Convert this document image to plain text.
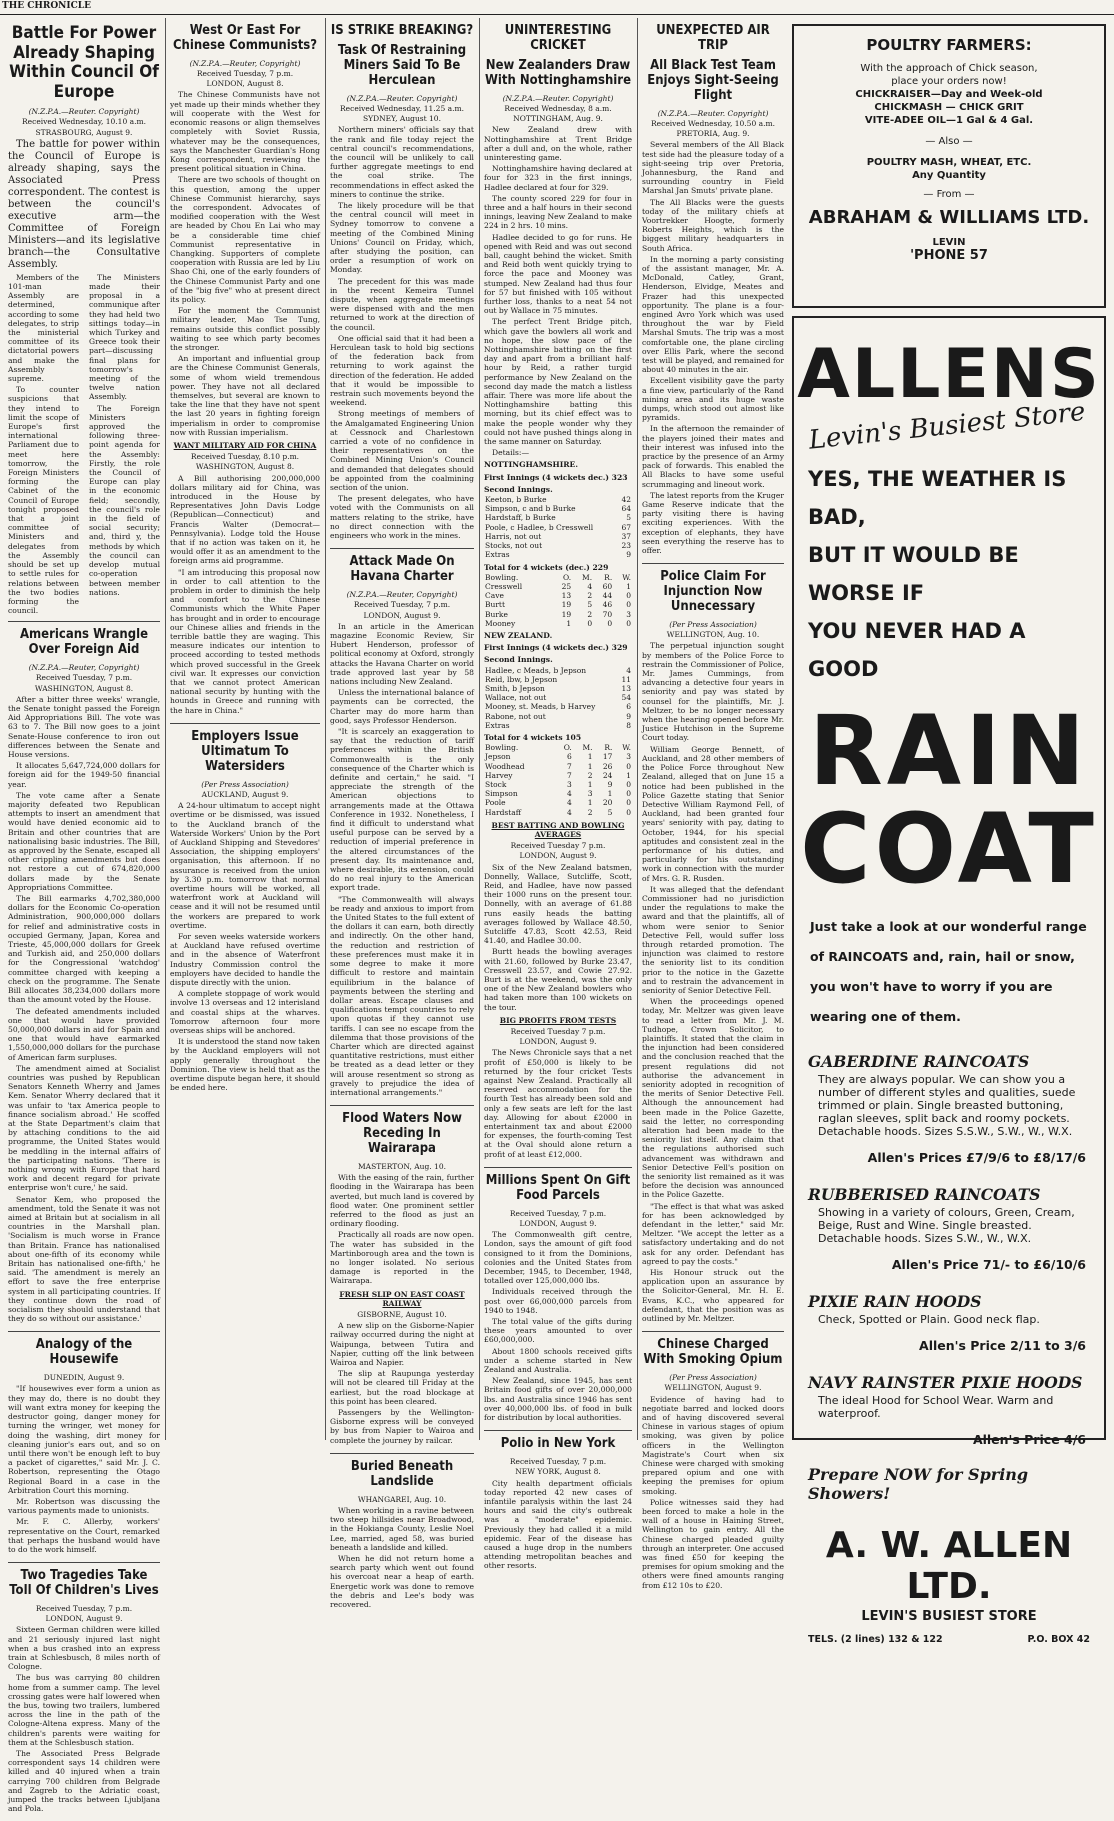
THE CHRONICLE
Battle For Power Already Shaping Within Council Of Europe
(N.Z.P.A.—Reuter. Copyright)
Received Wednesday, 10.10 a.m.
STRASBOURG, August 9.

The battle for power within the Council of Europe is already shaping, says the Associated Press correspondent. The contest is between the council's executive arm—the Committee of Foreign Ministers—and its legislative branch—the Consultative Assembly.

Members of the 101-man Assembly are determined, according to some delegates, to strip the ministerial committee of its dictatorial powers and make the Assembly supreme.

To counter suspicions that they intend to limit the scope of Europe's first international Parliament due to meet here tomorrow, the Foreign Ministers forming the Cabinet of the Council of Europe tonight proposed that a joint committee of Ministers and delegates from the Assembly should be set up to settle rules for relations between the two bodies forming the council.

The Ministers made their proposal in a communique after they had held two sittings today—in which Turkey and Greece took their part—discussing final plans for tomorrow's meeting of the twelve nation Assembly.

The Foreign Ministers approved the following three-point agenda for the Assembly: Firstly, the role the Council of Europe can play in the economic field; secondly, the council's role in the field of social security; and, third y, the methods by which the council can develop mutual co-operation between member nations.

Americans Wrangle Over Foreign Aid
(N.Z.P.A.—Reuter, Copyright)
Received Tuesday, 7 p.m.
WASHINGTON, August 8.

After a bitter three weeks' wrangle, the Senate tonight passed the Foreign Aid Appropriations Bill. The vote was 63 to 7. The Bill now goes to a joint Senate-House conference to iron out differences between the Senate and House versions.

It allocates 5,647,724,000 dollars for foreign aid for the 1949-50 financial year.

The vote came after a Senate majority defeated two Republican attempts to insert an amendment that would have denied economic aid to Britain and other countries that are nationalising basic industries. The Bill, as approved by the Senate, escaped all other crippling amendments but does not restore a cut of 674,820,000 dollars made by the Senate Appropriations Committee.

The Bill earmarks 4,702,380,000 dollars for the Economic Co-operation Administration, 900,000,000 dollars for relief and administrative costs in occupied Germany, Japan, Korea and Trieste, 45,000,000 dollars for Greek and Turkish aid, and 250,000 dollars for the Congressional 'watchdog' committee charged with keeping a check on the programme. The Senate Bill allocates 38,234,000 dollars more than the amount voted by the House.

The defeated amendments included one that would have provided 50,000,000 dollars in aid for Spain and one that would have earmarked 1,550,000,000 dollars for the purchase of American farm surpluses.

The amendment aimed at Socialist countries was pushed by Republican Senators Kenneth Wherry and James Kem. Senator Wherry declared that it was unfair to 'tax America people to finance socialism abroad.' He scoffed at the State Department's claim that by attaching conditions to the aid programme, the United States would be meddling in the internal affairs of the participating nations. 'There is nothing wrong with Europe that hard work and decent regard for private enterprise won't cure,' he said.

Senator Kem, who proposed the amendment, told the Senate it was not aimed at Britain but at socialism in all countries in the Marshall plan. 'Socialism is much worse in France than Britain. France has nationalised about one-fifth of its economy while Britain has nationalised one-fifth,' he said. 'The amendment is merely an effort to save the free enterprise system in all participating countries. If they continue down the road of socialism they should understand that they do so without our assistance.'

Analogy of the Housewife
DUNEDIN, August 9.

"If housewives ever form a union as they may do, there is no doubt they will want extra money for keeping the destructor going, danger money for turning the wringer, wet money for doing the washing, dirt money for cleaning junior's ears out, and so on until there won't be enough left to buy a packet of cigarettes," said Mr. J. C. Robertson, representing the Otago Regional Board in a case in the Arbitration Court this morning.

Mr. Robertson was discussing the various payments made to unionists.

Mr. F. C. Allerby, workers' representative on the Court, remarked that perhaps the husband would have to do the work himself.

Two Tragedies Take Toll Of Children's Lives
Received Tuesday, 7 p.m.
LONDON, August 9.

Sixteen German children were killed and 21 seriously injured last night when a bus crashed into an express train at Schlesbusch, 8 miles north of Cologne.

The bus was carrying 80 children home from a summer camp. The level crossing gates were half lowered when the bus, towing two trailers, lumbered across the line in the path of the Cologne-Altena express. Many of the children's parents were waiting for them at the Schlesbusch station.

The Associated Press Belgrade correspondent says 14 children were killed and 40 injured when a train carrying 700 children from Belgrade and Zagreb to the Adriatic coast, jumped the tracks between Ljubljana and Pola.

West Or East For Chinese Communists?
(N.Z.P.A.—Reuter, Copyright)
Received Tuesday, 7 p.m.
LONDON, August 8.

The Chinese Communists have not yet made up their minds whether they will cooperate with the West for economic reasons or align themselves completely with Soviet Russia, whatever may be the consequences, says the Manchester Guardian's Hong Kong correspondent, reviewing the present political situation in China.

There are two schools of thought on this question, among the upper Chinese Communist hierarchy, says the correspondent. Advocates of modified cooperation with the West are headed by Chou En Lai who may be a considerable time chief Communist representative in Changking. Supporters of complete cooperation with Russia are led by Liu Shao Chi, one of the early founders of the Chinese Communist Party and one of the "big five" who at present direct its policy.

For the moment the Communist military leader, Mao Tse Tung, remains outside this conflict possibly waiting to see which party becomes the stronger.

An important and influential group are the Chinese Communist Generals, some of whom wield tremendous power. They have not all declared themselves, but several are known to take the line that they have not spent the last 20 years in fighting foreign imperialism in order to compromise now with Russian imperialism.

WANT MILITARY AID FOR CHINA
Received Tuesday, 8.10 p.m.
WASHINGTON, August 8.

A Bill authorising 200,000,000 dollars military aid for China, was introduced in the House by Representatives John Davis Lodge (Republican—Connecticut) and Francis Walter (Democrat—Pennsylvania). Lodge told the House that if no action was taken on it, he would offer it as an amendment to the foreign arms aid programme.

"I am introducing this proposal now in order to call attention to the problem in order to diminish the help and comfort to the Chinese Communists which the White Paper has brought and in order to encourage our Chinese allies and friends in the terrible battle they are waging. This measure indicates our intention to proceed according to tested methods which proved successful in the Greek civil war. It expresses our conviction that we cannot protect American national security by hunting with the hounds in Greece and running with the hare in China."

Employers Issue Ultimatum To Watersiders
(Per Press Association)
AUCKLAND, August 9.

A 24-hour ultimatum to accept night overtime or be dismissed, was issued to the Auckland branch of the Waterside Workers' Union by the Port of Auckland Shipping and Stevedores' Association, the shipping employers' organisation, this afternoon. If no assurance is received from the union by 3.30 p.m. tomorrow that normal overtime hours will be worked, all waterfront work at Auckland will cease and it will not be resumed until the workers are prepared to work overtime.

For seven weeks waterside workers at Auckland have refused overtime and in the absence of Waterfront Industry Commission control the employers have decided to handle the dispute directly with the union.

A complete stoppage of work would involve 13 overseas and 12 interisland and coastal ships at the wharves. Tomorrow afternoon four more overseas ships will be anchored.

It is understood the stand now taken by the Auckland employers will not apply generally throughout the Dominion. The view is held that as the overtime dispute began here, it should be ended here.

IS STRIKE BREAKING?
Task Of Restraining Miners Said To Be Herculean
(N.Z.P.A.—Reuter. Copyright)
Received Wednesday, 11.25 a.m.
SYDNEY, August 10.

Northern miners' officials say that the rank and file today reject the central council's recommendations, the council will be unlikely to call further aggregate meetings to end the coal strike. The recommendations in effect asked the miners to continue the strike.

The likely procedure will be that the central council will meet in Sydney tomorrow to convene a meeting of the Combined Mining Unions' Council on Friday, which, after studying the position, can order a resumption of work on Monday.

The precedent for this was made in the recent Kemeira Tunnel dispute, when aggregate meetings were dispensed with and the men returned to work at the direction of the council.

One official said that it had been a Herculean task to hold big sections of the federation back from returning to work against the direction of the federation. He added that it would be impossible to restrain such movements beyond the weekend.

Strong meetings of members of the Amalgamated Engineering Union at Cessnock and Charlestown carried a vote of no confidence in their representatives on the Combined Mining Union's Council and demanded that delegates should be appointed from the coalmining section of the union.

The present delegates, who have voted with the Communists on all matters relating to the strike, have no direct connection with the engineers who work in the mines.

Attack Made On Havana Charter
(N.Z.P.A.—Reuter, Copyright)
Received Tuesday, 7 p.m.
LONDON, August 9.

In an article in the American magazine Economic Review, Sir Hubert Henderson, professor of political economy at Oxford, strongly attacks the Havana Charter on world trade approved last year by 58 nations including New Zealand.

Unless the international balance of payments can be corrected, the Charter may do more harm than good, says Professor Henderson.

"It is scarcely an exaggeration to say that the reduction of tariff preferences within the British Commonwealth is the only consequence of the Charter which is definite and certain," he said. "I appreciate the strength of the American objections to arrangements made at the Ottawa Conference in 1932. Nonetheless, I find it difficult to understand what useful purpose can be served by a reduction of imperial preference in the altered circumstances of the present day. Its maintenance and, where desirable, its extension, could do no real injury to the American export trade.

"The Commonwealth will always be ready and anxious to import from the United States to the full extent of the dollars it can earn, both directly and indirectly. On the other hand, the reduction and restriction of these preferences must make it in some degree to make it more difficult to restore and maintain equilibrium in the balance of payments between the sterling and dollar areas. Escape clauses and qualifications tempt countries to rely upon quotas if they cannot use tariffs. I can see no escape from the dilemma that those provisions of the Charter which are directed against quantitative restrictions, must either be treated as a dead letter or they will arouse resentment so strong as gravely to prejudice the idea of international arrangements."

Flood Waters Now Receding In Wairarapa
MASTERTON, Aug. 10.

With the easing of the rain, further flooding in the Wairarapa has been averted, but much land is covered by flood water. One prominent settler referred to the flood as just an ordinary flooding.

Practically all roads are now open. The water has subsided in the Martinborough area and the town is no longer isolated. No serious damage is reported in the Wairarapa.

FRESH SLIP ON EAST COAST RAILWAY
GISBORNE, August 10.

A new slip on the Gisborne-Napier railway occurred during the night at Waipunga, between Tutira and Napier, cutting off the link between Wairoa and Napier.

The slip at Raupunga yesterday will not be cleared till Friday at the earliest, but the road blockage at this point has been cleared.

Passengers by the Wellington-Gisborne express will be conveyed by bus from Napier to Wairoa and complete the journey by railcar.

Buried Beneath Landslide
WHANGAREI, Aug. 10.

When working in a ravine between two steep hillsides near Broadwood, in the Hokianga County, Leslie Noel Lee, married, aged 58, was buried beneath a landslide and killed.

When he did not return home a search party which went out found his overcoat near a heap of earth. Energetic work was done to remove the debris and Lee's body was recovered.

UNINTERESTING CRICKET
New Zealanders Draw With Nottinghamshire
(N.Z.P.A.—Reuter. Copyright)
Received Wednesday, 8 a.m.
NOTTINGHAM, Aug. 9.

New Zealand drew with Nottinghamshire at Trent Bridge after a dull and, on the whole, rather uninteresting game.

Nottinghamshire having declared at four for 323 in the first innings, Hadlee declared at four for 329.

The county scored 229 for four in three and a half hours in their second innings, leaving New Zealand to make 224 in 2 hrs. 10 mins.

Hadlee decided to go for runs. He opened with Reid and was out second ball, caught behind the wicket. Smith and Reid both went quickly trying to force the pace and Mooney was stumped. New Zealand had thus four for 57 but finished with 105 without further loss, thanks to a neat 54 not out by Wallace in 75 minutes.

The perfect Trent Bridge pitch, which gave the bowlers all work and no hope, the slow pace of the Nottinghamshire batting on the first day and apart from a brilliant half-hour by Reid, a rather turgid performance by New Zealand on the second day made the match a listless affair. There was more life about the Nottinghamshire batting this morning, but its chief effect was to make the people wonder why they could not have pushed things along in the same manner on Saturday.

Details:—

NOTTINGHAMSHIRE.
First Innings (4 wickets dec.) 323
Second Innings.
Keeton, b Burke	42
Simpson, c and b Burke	64
Hardstaff, b Burke	5
Poole, c Hadlee, b Cresswell	67
Harris, not out	37
Stocks, not out	23
Extras	9
Total for 4 wickets (dec.) 229
Bowling.	O.	M.	R.	W.
Cresswell	25	4	60	1
Cave	13	2	44	0
Burtt	19	5	46	0
Burke	19	2	70	3
Mooney	1	0	0	0
NEW ZEALAND.
First Innings (4 wickets dec.) 329
Second Innings.
Hadlee, c Meads, b Jepson	4
Reid, lbw, b Jepson	11
Smith, b Jepson	13
Wallace, not out	54
Mooney, st. Meads, b Harvey	6
Rabone, not out	9
Extras	8
Total for 4 wickets 105
Bowling.	O.	M.	R.	W.
Jepson	6	1	17	3
Woodhead	7	1	26	0
Harvey	7	2	24	1
Stock	3	1	9	0
Simpson	4	3	1	0
Poole	4	1	20	0
Hardstaff	4	2	5	0
BEST BATTING AND BOWLING AVERAGES
Received Tuesday 7 p.m.
LONDON, August 9.

Six of the New Zealand batsmen, Donnelly, Wallace, Sutcliffe, Scott, Reid, and Hadlee, have now passed their 1000 runs on the present tour. Donnelly, with an average of 61.88 runs easily heads the batting averages followed by Wallace 48.50, Sutcliffe 47.83, Scott 42.53, Reid 41.40, and Hadlee 30.00.

Burtt heads the bowling averages with 21.60, followed by Burke 23.47, Cresswell 23.57, and Cowie 27.92. Burt is at the weekend, was the only one of the New Zealand bowlers who had taken more than 100 wickets on the tour.

BIG PROFITS FROM TESTS
Received Tuesday 7 p.m.
LONDON, August 9.

The News Chronicle says that a net profit of £50,000 is likely to be returned by the four cricket Tests against New Zealand. Practically all reserved accommodation for the fourth Test has already been sold and only a few seats are left for the last day. Allowing for about £2000 in entertainment tax and about £2000 for expenses, the fourth-coming Test at the Oval should alone return a profit of at least £12,000.

Millions Spent On Gift Food Parcels
Received Tuesday, 7 p.m.
LONDON, August 9.

The Commonwealth gift centre, London, says the amount of gift food consigned to it from the Dominions, colonies and the United States from December, 1945, to December, 1948, totalled over 125,000,000 lbs.

Individuals received through the post over 66,000,000 parcels from 1940 to 1948.

The total value of the gifts during these years amounted to over £60,000,000.

About 1800 schools received gifts under a scheme started in New Zealand and Australia.

New Zealand, since 1945, has sent Britain food gifts of over 20,000,000 lbs. and Australia since 1946 has sent over 40,000,000 lbs. of food in bulk for distribution by local authorities.

Polio in New York
Received Tuesday, 7 p.m.
NEW YORK, August 8.

City health department officials today reported 42 new cases of infantile paralysis within the last 24 hours and said the city's outbreak was a "moderate" epidemic. Previously they had called it a mild epidemic. Fear of the disease has caused a huge drop in the numbers attending metropolitan beaches and other resorts.

UNEXPECTED AIR TRIP
All Black Test Team Enjoys Sight-Seeing Flight
(N.Z.P.A.—Reuter. Copyright)
Received Wednesday, 10.50 a.m.
PRETORIA, Aug. 9.

Several members of the All Black test side had the pleasure today of a sight-seeing trip over Pretoria, Johannesburg, the Rand and surrounding country in Field Marshal Jan Smuts' private plane.

The All Blacks were the guests today of the military chiefs at Voortrekker Hoogte, formerly Roberts Heights, which is the biggest military headquarters in South Africa.

In the morning a party consisting of the assistant manager, Mr. A. McDonald, Catley, Grant, Henderson, Elvidge, Meates and Frazer had this unexpected opportunity. The plane is a four-engined Avro York which was used throughout the war by Field Marshal Smuts. The trip was a most comfortable one, the plane circling over Ellis Park, where the second test will be played, and remained for about 40 minutes in the air.

Excellent visibility gave the party a fine view, particularly of the Rand mining area and its huge waste dumps, which stood out almost like pyramids.

In the afternoon the remainder of the players joined their mates and their interest was infused into the practice by the presence of an Army pack of forwards. This enabled the All Blacks to have some useful scrummaging and lineout work.

The latest reports from the Kruger Game Reserve indicate that the party visiting there is having exciting experiences. With the exception of elephants, they have seen everything the reserve has to offer.

Police Claim For Injunction Now Unnecessary
(Per Press Association)
WELLINGTON, Aug. 10.

The perpetual injunction sought by members of the Police Force to restrain the Commissioner of Police, Mr. James Cummings, from advancing a detective four years in seniority and pay was stated by counsel for the plaintiffs, Mr. J. Meltzer, to be no longer necessary when the hearing opened before Mr. Justice Hutchison in the Supreme Court today.

William George Bennett, of Auckland, and 28 other members of the Police Force throughout New Zealand, alleged that on June 15 a notice had been published in the Police Gazette stating that Senior Detective William Raymond Fell, of Auckland, had been granted four years' seniority with pay, dating to October, 1944, for his special aptitudes and consistent zeal in the performance of his duties, and particularly for his outstanding work in connection with the murder of Mrs. G. R. Rusden.

It was alleged that the defendant Commissioner had no jurisdiction under the regulations to make the award and that the plaintiffs, all of whom were senior to Senior Detective Fell, would suffer loss through retarded promotion. The injunction was claimed to restore the seniority list to its condition prior to the notice in the Gazette and to restrain the advancement in seniority of Senior Detective Fell.

When the proceedings opened today, Mr. Meltzer was given leave to read a letter from Mr. J. M. Tudhope, Crown Solicitor, to plaintiffs. It stated that the claim in the injunction had been considered and the conclusion reached that the present regulations did not authorise the advancement in seniority adopted in recognition of the merits of Senior Detective Fell. Although the announcement had been made in the Police Gazette, said the letter, no corresponding alteration had been made to the seniority list itself. Any claim that the regulations authorised such advancement was withdrawn and Senior Detective Fell's position on the seniority list remained as it was before the decision was announced in the Police Gazette.

"The effect is that what was asked for has been acknowledged by defendant in the letter," said Mr. Meltzer. "We accept the letter as a satisfactory undertaking and do not ask for any order. Defendant has agreed to pay the costs."

His Honour struck out the application upon an assurance by the Solicitor-General, Mr. H. E. Evans, K.C., who appeared for defendant, that the position was as outlined by Mr. Meltzer.

Chinese Charged With Smoking Opium
(Per Press Association)
WELLINGTON, August 9.

Evidence of having had to negotiate barred and locked doors and of having discovered several Chinese in various stages of opium smoking, was given by police officers in the Wellington Magistrate's Court when six Chinese were charged with smoking prepared opium and one with keeping the premises for opium smoking.

Police witnesses said they had been forced to make a hole in the wall of a house in Haining Street, Wellington to gain entry. All the Chinese charged pleaded guilty through an interpreter. One accused was fined £50 for keeping the premises for opium smoking and the others were fined amounts ranging from £12 10s to £20.

POULTRY FARMERS:
With the approach of Chick season,
place your orders now!
CHICKRAISER—Day and Week-old
CHICKMASH — CHICK GRIT
VITE-ADEE OIL—1 Gal & 4 Gal.
— Also —
POULTRY MASH, WHEAT, ETC.
Any Quantity
— From —
ABRAHAM & WILLIAMS LTD.
LEVIN
'PHONE 57
ALLENS
Levin's Busiest Store
YES, THE WEATHER IS BAD,
BUT IT WOULD BE WORSE IF
YOU NEVER HAD A GOOD
RAIN
COAT
Just take a look at our wonderful range of RAINCOATS and, rain, hail or snow, you won't have to worry if you are wearing one of them.
GABERDINE RAINCOATS
They are always popular. We can show you a number of different styles and qualities, suede trimmed or plain. Single breasted buttoning, raglan sleeves, split back and roomy pockets. Detachable hoods. Sizes S.S.W., S.W., W., W.X.
Allen's Prices £7/9/6 to £8/17/6
RUBBERISED RAINCOATS
Showing in a variety of colours, Green, Cream, Beige, Rust and Wine. Single breasted. Detachable hoods. Sizes S.W., W., W.X.
Allen's Price 71/- to £6/10/6
PIXIE RAIN HOODS
Check, Spotted or Plain. Good neck flap.
Allen's Price 2/11 to 3/6
NAVY RAINSTER PIXIE HOODS
The ideal Hood for School Wear. Warm and waterproof.
Allen's Price 4/6
Prepare NOW for Spring Showers!
A. W. ALLEN LTD.
LEVIN'S BUSIEST STORE
TELS. (2 lines) 132 & 122	P.O. BOX 42
